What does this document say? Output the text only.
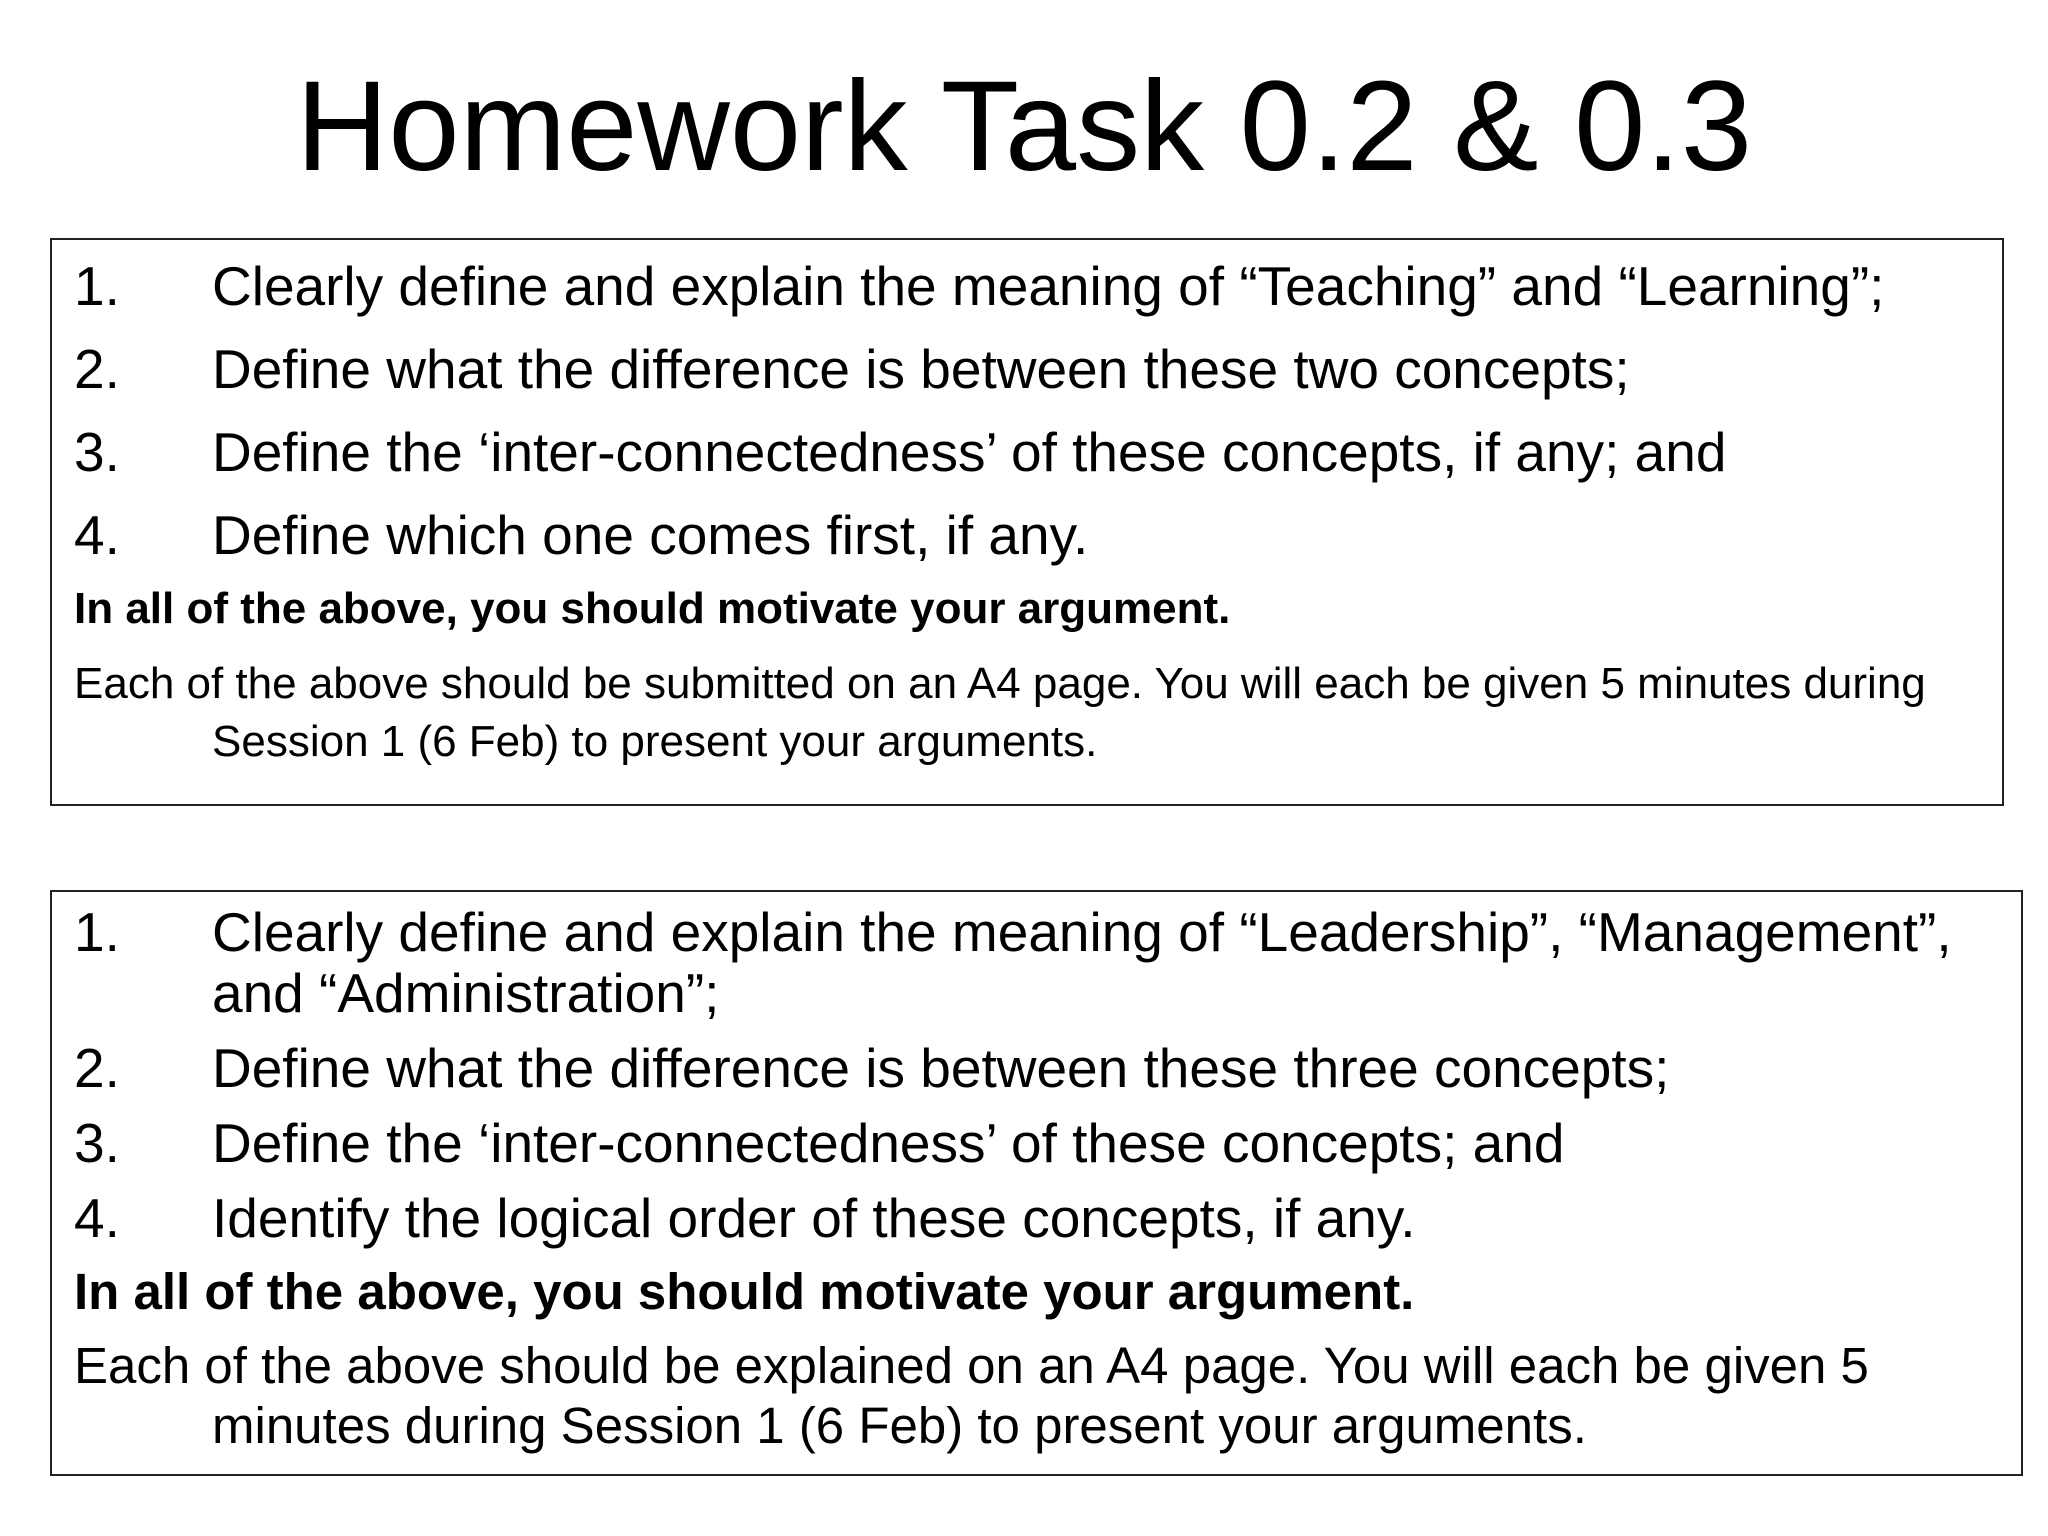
Homework Task 0.2 & 0.3

1. Clearly define and explain the meaning of “Teaching” and “Learning”;

2. Define what the difference is between these two concepts;

3. Define the ‘inter-connectedness’ of these concepts, if any; and

4. Define which one comes first, if any.

In all of the above, you should motivate your argument.

Each of the above should be submitted on an A4 page. You will each be given 5 minutes during Session 1 (6 Feb) to present your arguments.

1. Clearly define and explain the meaning of “Leadership”, “Management”, and “Administration”;

2. Define what the difference is between these three concepts;

3. Define the ‘inter-connectedness’ of these concepts; and

4. Identify the logical order of these concepts, if any.

In all of the above, you should motivate your argument.

Each of the above should be explained on an A4 page. You will each be given 5 minutes during Session 1 (6 Feb) to present your arguments.
